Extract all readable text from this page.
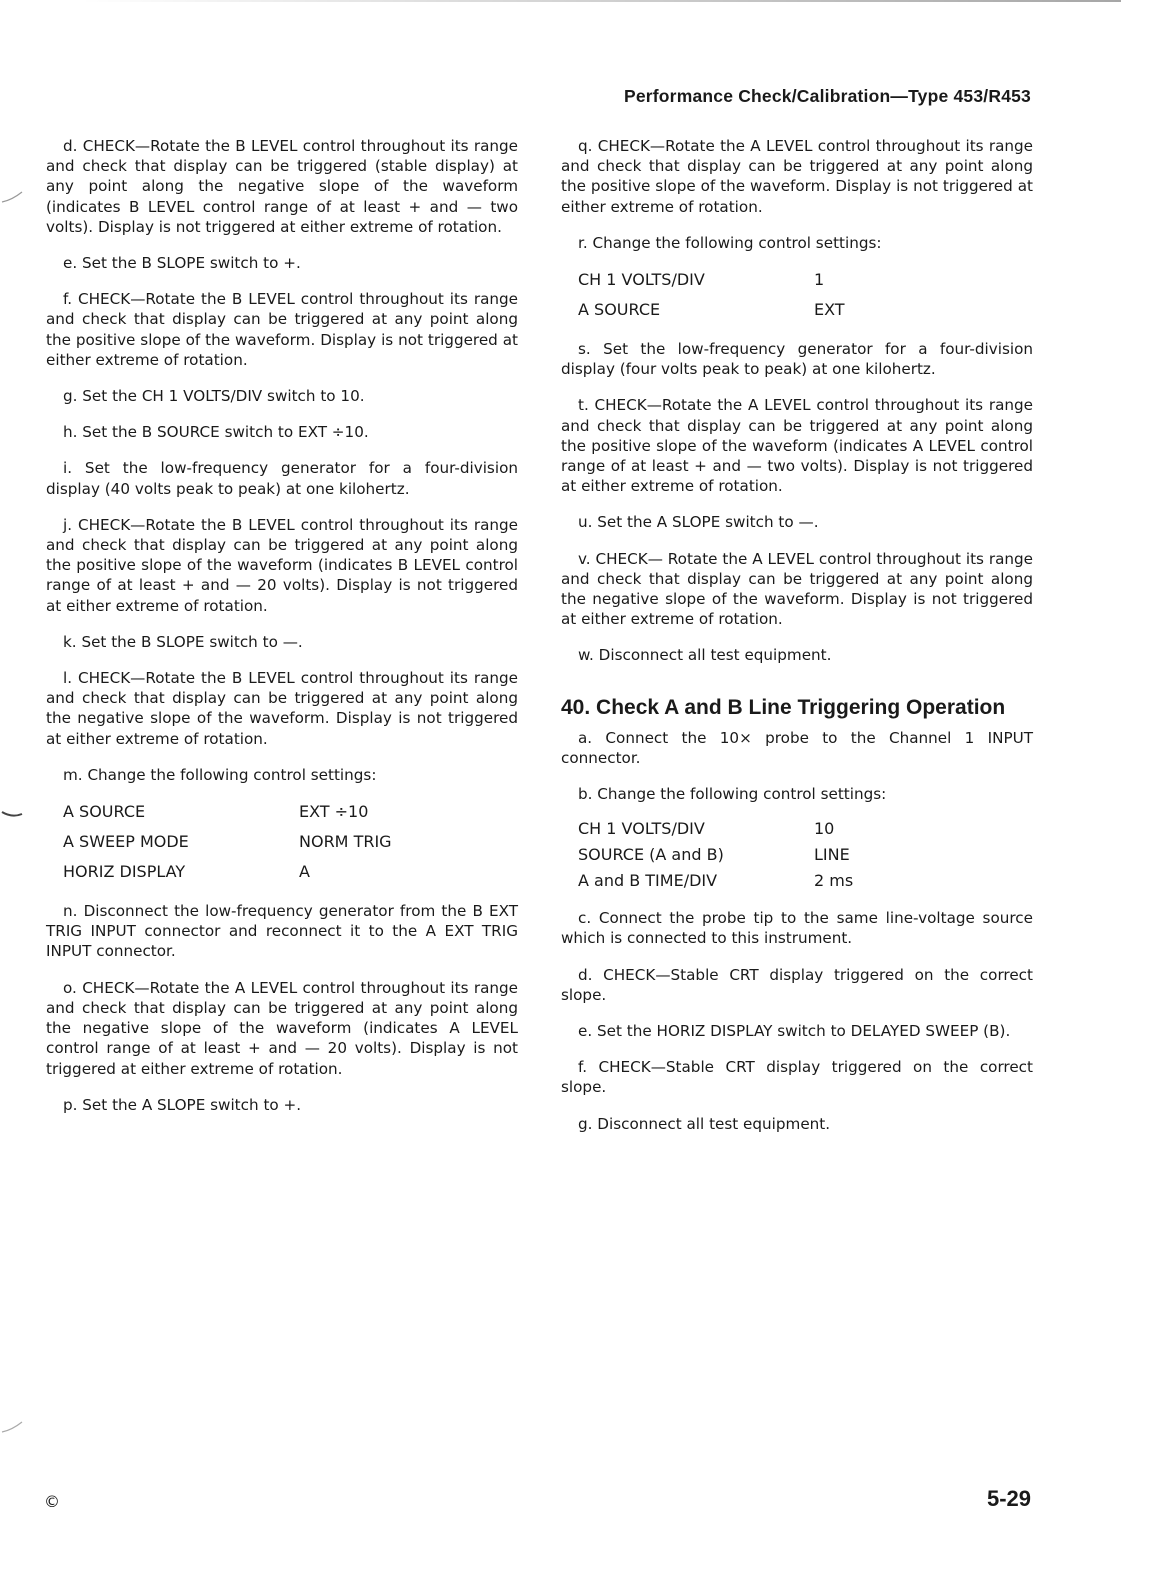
Performance Check/Calibration—Type 453/R453

d. CHECK—Rotate the B LEVEL control throughout its range and check that display can be triggered (stable display) at any point along the negative slope of the waveform (indicates B LEVEL control range of at least + and — two volts). Display is not triggered at either extreme of rotation.

e. Set the B SLOPE switch to +.

f. CHECK—Rotate the B LEVEL control throughout its range and check that display can be triggered at any point along the positive slope of the waveform. Display is not triggered at either extreme of rotation.

g. Set the CH 1 VOLTS/DIV switch to 10.

h. Set the B SOURCE switch to EXT ÷10.

i. Set the low-frequency generator for a four-division display (40 volts peak to peak) at one kilohertz.

j. CHECK—Rotate the B LEVEL control throughout its range and check that display can be triggered at any point along the positive slope of the waveform (indicates B LEVEL control range of at least + and — 20 volts). Display is not triggered at either extreme of rotation.

k. Set the B SLOPE switch to —.

l. CHECK—Rotate the B LEVEL control throughout its range and check that display can be triggered at any point along the negative slope of the waveform. Display is not triggered at either extreme of rotation.

m. Change the following control settings:

A SOURCE	EXT ÷10
A SWEEP MODE	NORM TRIG
HORIZ DISPLAY	A

n. Disconnect the low-frequency generator from the B EXT TRIG INPUT connector and reconnect it to the A EXT TRIG INPUT connector.

o. CHECK—Rotate the A LEVEL control throughout its range and check that display can be triggered at any point along the negative slope of the waveform (indicates A LEVEL control range of at least + and — 20 volts). Display is not triggered at either extreme of rotation.

p. Set the A SLOPE switch to +.

q. CHECK—Rotate the A LEVEL control throughout its range and check that display can be triggered at any point along the positive slope of the waveform. Display is not triggered at either extreme of rotation.

r. Change the following control settings:

CH 1 VOLTS/DIV	1
A SOURCE	EXT

s. Set the low-frequency generator for a four-division display (four volts peak to peak) at one kilohertz.

t. CHECK—Rotate the A LEVEL control throughout its range and check that display can be triggered at any point along the positive slope of the waveform (indicates A LEVEL control range of at least + and — two volts). Display is not triggered at either extreme of rotation.

u. Set the A SLOPE switch to —.

v. CHECK— Rotate the A LEVEL control throughout its range and check that display can be triggered at any point along the negative slope of the waveform. Display is not triggered at either extreme of rotation.

w. Disconnect all test equipment.

40. Check A and B Line Triggering Operation

a. Connect the 10× probe to the Channel 1 INPUT connector.

b. Change the following control settings:

CH 1 VOLTS/DIV	10
SOURCE (A and B)	LINE
A and B TIME/DIV	2 ms

c. Connect the probe tip to the same line-voltage source which is connected to this instrument.

d. CHECK—Stable CRT display triggered on the correct slope.

e. Set the HORIZ DISPLAY switch to DELAYED SWEEP (B).

f. CHECK—Stable CRT display triggered on the correct slope.

g. Disconnect all test equipment.

©	5-29
